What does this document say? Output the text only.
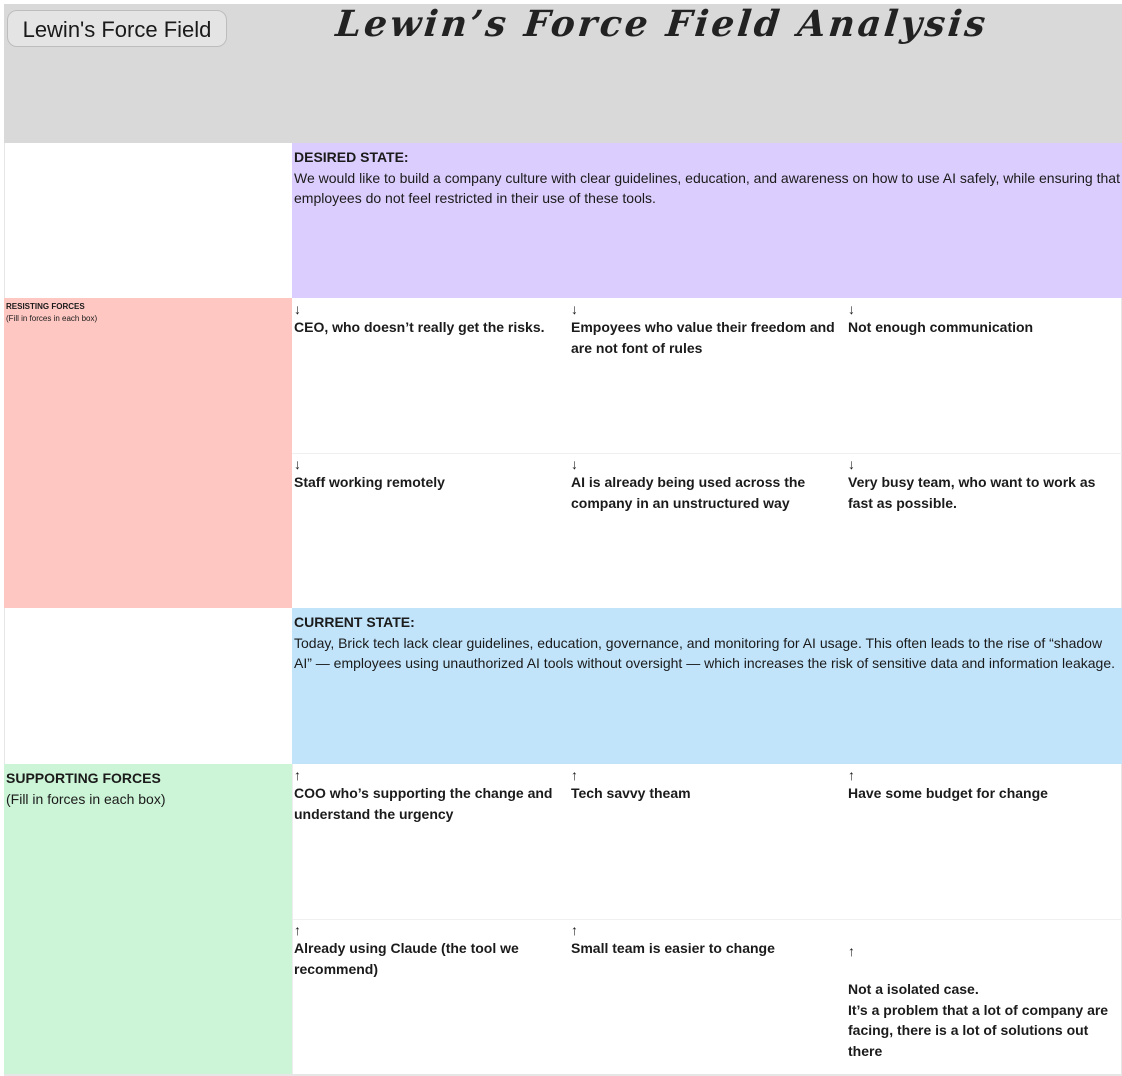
Lewin's Force Field	Lewin’s Force Field Analysis
DESIRED STATE:
We would like to build a company culture with clear guidelines, education, and awareness on how to use AI safely, while ensuring that employees do not feel restricted in their use of these tools.
RESISTING FORCES
(Fill in forces in each box)
↓
CEO, who doesn’t really get the risks.
↓
Empoyees who value their freedom and are not font of rules
↓
Not enough communication
↓
Staff working remotely
↓
AI is already being used across the company in an unstructured way
↓
Very busy team, who want to work as fast as possible.
CURRENT STATE:
Today, Brick tech lack clear guidelines, education, governance, and monitoring for AI usage. This often leads to the rise of “shadow AI” — employees using unauthorized AI tools without oversight — which increases the risk of sensitive data and information leakage.
SUPPORTING FORCES
(Fill in forces in each box)
↑
COO who’s supporting the change and understand the urgency
↑
Tech savvy theam
↑
Have some budget for change
↑
Already using Claude (the tool we recommend)
↑
Small team is easier to change	↑

Not a isolated case.
It’s a problem that a lot of company are facing, there is a lot of solutions out there
